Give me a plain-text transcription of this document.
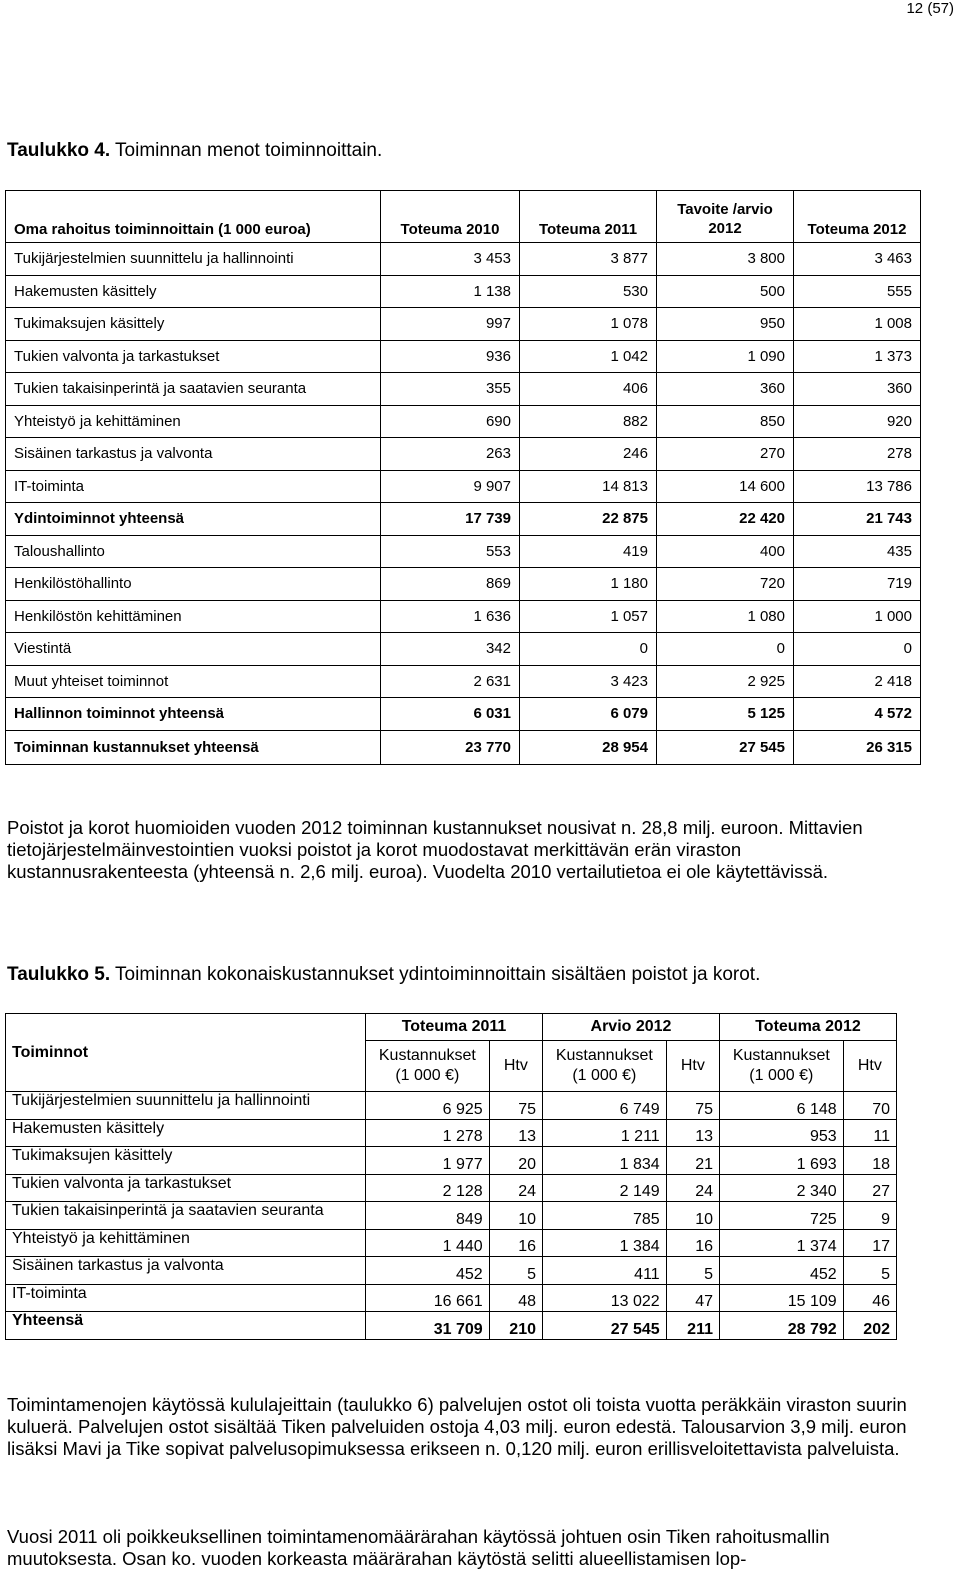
12 (57)
Taulukko 4. Toiminnan menot toiminnoittain.
Oma rahoitus toiminnoittain (1 000 euroa)	Toteuma 2010	Toteuma 2011	Tavoite /arvio 2012	Toteuma 2012
Tukijärjestelmien suunnittelu ja hallinnointi	3 453	3 877	3 800	3 463
Hakemusten käsittely	1 138	530	500	555
Tukimaksujen käsittely	997	1 078	950	1 008
Tukien valvonta ja tarkastukset	936	1 042	1 090	1 373
Tukien takaisinperintä ja saatavien seuranta	355	406	360	360
Yhteistyö ja kehittäminen	690	882	850	920
Sisäinen tarkastus ja valvonta	263	246	270	278
IT-toiminta	9 907	14 813	14 600	13 786
Ydintoiminnot yhteensä	17 739	22 875	22 420	21 743
Taloushallinto	553	419	400	435
Henkilöstöhallinto	869	1 180	720	719
Henkilöstön kehittäminen	1 636	1 057	1 080	1 000
Viestintä	342	0	0	0
Muut yhteiset toiminnot	2 631	3 423	2 925	2 418
Hallinnon toiminnot yhteensä	6 031	6 079	5 125	4 572
Toiminnan kustannukset yhteensä	23 770	28 954	27 545	26 315
Poistot ja korot huomioiden vuoden 2012 toiminnan kustannukset nousivat n. 28,8 milj. euroon. Mittavien tietojärjestelmäinvestointien vuoksi poistot ja korot muodostavat merkittävän erän viraston kustannusrakenteesta (yhteensä n. 2,6 milj. euroa). Vuodelta 2010 vertailutietoa ei ole käytettävissä.
Taulukko 5. Toiminnan kokonaiskustannukset ydintoiminnoittain sisältäen poistot ja korot.
Toiminnot	Toteuma 2011		Arvio 2012		Toteuma 2012	
	Kustannukset (1 000 €)	Htv	Kustannukset (1 000 €)	Htv	Kustannukset (1 000 €)	Htv
Tukijärjestelmien suunnittelu ja hallinnointi	6 925	75	6 749	75	6 148	70
Hakemusten käsittely	1 278	13	1 211	13	953	11
Tukimaksujen käsittely	1 977	20	1 834	21	1 693	18
Tukien valvonta ja tarkastukset	2 128	24	2 149	24	2 340	27
Tukien takaisinperintä ja saatavien seuranta	849	10	785	10	725	9
Yhteistyö ja kehittäminen	1 440	16	1 384	16	1 374	17
Sisäinen tarkastus ja valvonta	452	5	411	5	452	5
IT-toiminta	16 661	48	13 022	47	15 109	46
Yhteensä	31 709	210	27 545	211	28 792	202
Toimintamenojen käytössä kululajeittain (taulukko 6) palvelujen ostot oli toista vuotta peräkkäin viraston suurin kuluerä. Palvelujen ostot sisältää Tiken palveluiden ostoja 4,03 milj. euron edestä. Talousarvion 3,9 milj. euron lisäksi Mavi ja Tike sopivat palvelusopimuksessa erikseen n. 0,120 milj. euron erillisveloitettavista palveluista.
Vuosi 2011 oli poikkeuksellinen toimintamenomäärärahan käytössä johtuen osin Tiken rahoitusmallin muutoksesta. Osan ko. vuoden korkeasta määrärahan käytöstä selitti alueellistamisen lop-
